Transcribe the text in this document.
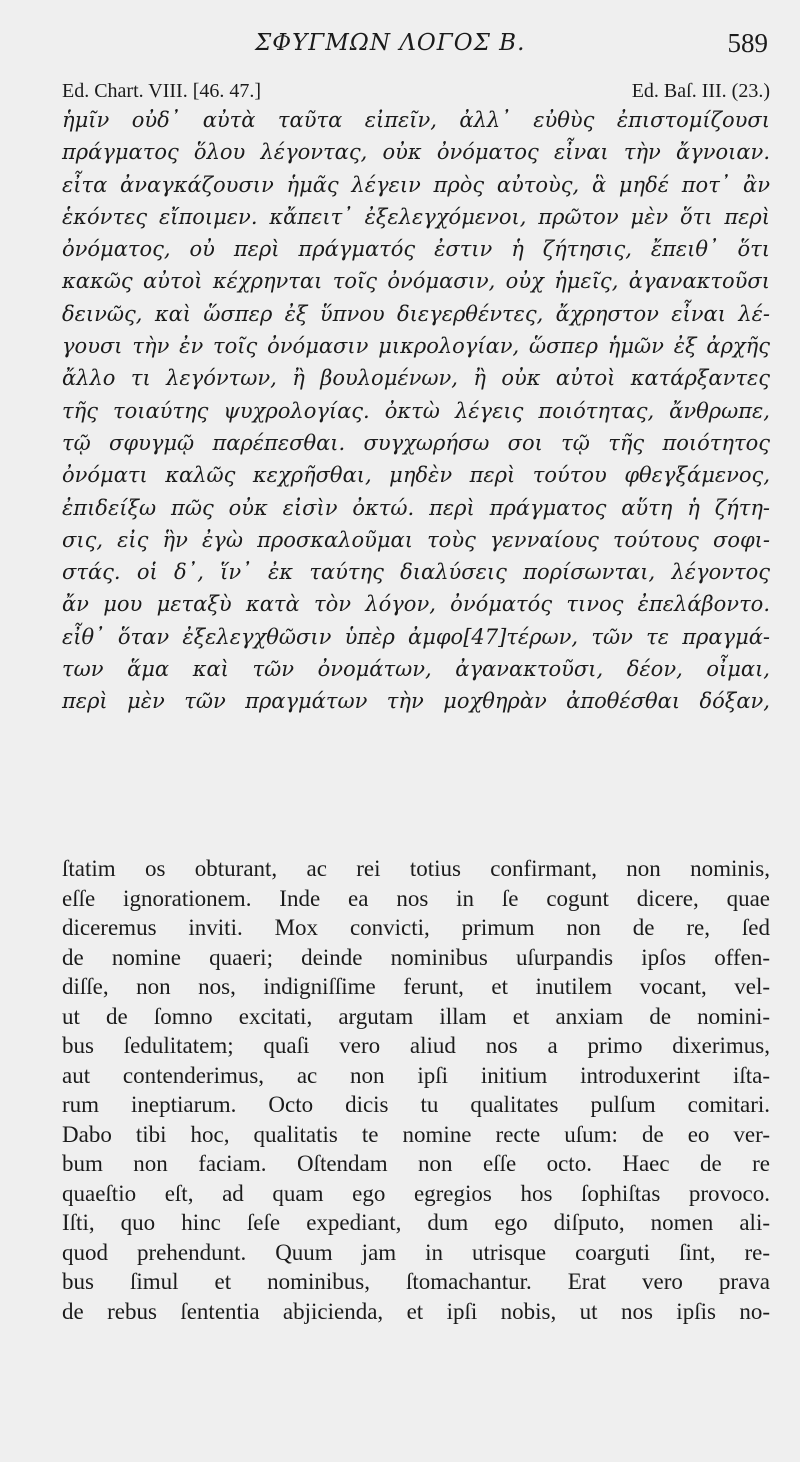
ΣΦΥΓΜΩΝ ΛΟΓΟΣ Β.	589
Ed. Chart. VIII. [46. 47.]	Ed. Baſ. III. (23.)
ἡμῖν οὐδ᾽ αὐτὰ ταῦτα εἰπεῖν, ἀλλ᾽ εὐθὺς ἐπιστομίζουσι
πράγματος ὅλου λέγοντας, οὐκ ὀνόματος εἶναι τὴν ἄγνοιαν.
εἶτα ἀναγκάζουσιν ἡμᾶς λέγειν πρὸς αὐτοὺς, ἃ μηδέ ποτ᾽ ἂν
ἑκόντες εἴποιμεν. κἄπειτ᾽ ἐξελεγχόμενοι, πρῶτον μὲν ὅτι περὶ
ὀνόματος, οὐ περὶ πράγματός ἐστιν ἡ ζήτησις, ἔπειθ᾽ ὅτι
κακῶς αὐτοὶ κέχρηνται τοῖς ὀνόμασιν, οὐχ ἡμεῖς, ἀγανακτοῦσι
δεινῶς, καὶ ὥσπερ ἐξ ὕπνου διεγερθέντες, ἄχρηστον εἶναι λέ-
γουσι τὴν ἐν τοῖς ὀνόμασιν μικρολογίαν, ὥσπερ ἡμῶν ἐξ ἀρχῆς
ἄλλο τι λεγόντων, ἢ βουλομένων, ἢ οὐκ αὐτοὶ κατάρξαντες
τῆς τοιαύτης ψυχρολογίας. ὀκτὼ λέγεις ποιότητας, ἄνθρωπε,
τῷ σφυγμῷ παρέπεσθαι. συγχωρήσω σοι τῷ τῆς ποιότητος
ὀνόματι καλῶς κεχρῆσθαι, μηδὲν περὶ τούτου φθεγξάμενος,
ἐπιδείξω πῶς οὐκ εἰσὶν ὀκτώ. περὶ πράγματος αὕτη ἡ ζήτη-
σις, εἰς ἣν ἐγὼ προσκαλοῦμαι τοὺς γενναίους τούτους σοφι-
στάς. οἱ δ᾽, ἵν᾽ ἐκ ταύτης διαλύσεις πορίσωνται, λέγοντος
ἄν μου μεταξὺ κατὰ τὸν λόγον, ὀνόματός τινος ἐπελάβοντο.
εἶθ᾽ ὅταν ἐξελεγχθῶσιν ὑπὲρ ἀμφο[47]τέρων, τῶν τε πραγμά-
των ἅμα καὶ τῶν ὀνομάτων, ἀγανακτοῦσι, δέον, οἶμαι,
περὶ μὲν τῶν πραγμάτων τὴν μοχθηρὰν ἀποθέσθαι δόξαν,
ſtatim os obturant, ac rei totius confirmant, non nominis,
eſſe ignorationem. Inde ea nos in ſe cogunt dicere, quae
diceremus inviti. Mox convicti, primum non de re, ſed
de nomine quaeri; deinde nominibus uſurpandis ipſos offen-
diſſe, non nos, indigniſſime ferunt, et inutilem vocant, vel-
ut de ſomno excitati, argutam illam et anxiam de nomini-
bus ſedulitatem; quaſi vero aliud nos a primo dixerimus,
aut contenderimus, ac non ipſi initium introduxerint iſta-
rum ineptiarum. Octo dicis tu qualitates pulſum comitari.
Dabo tibi hoc, qualitatis te nomine recte uſum: de eo ver-
bum non faciam. Oſtendam non eſſe octo. Haec de re
quaeſtio eſt, ad quam ego egregios hos ſophiſtas provoco.
Iſti, quo hinc ſeſe expediant, dum ego diſputo, nomen ali-
quod prehendunt. Quum jam in utrisque coarguti ſint, re-
bus ſimul et nominibus, ſtomachantur. Erat vero prava
de rebus ſententia abjicienda, et ipſi nobis, ut nos ipſis no-
